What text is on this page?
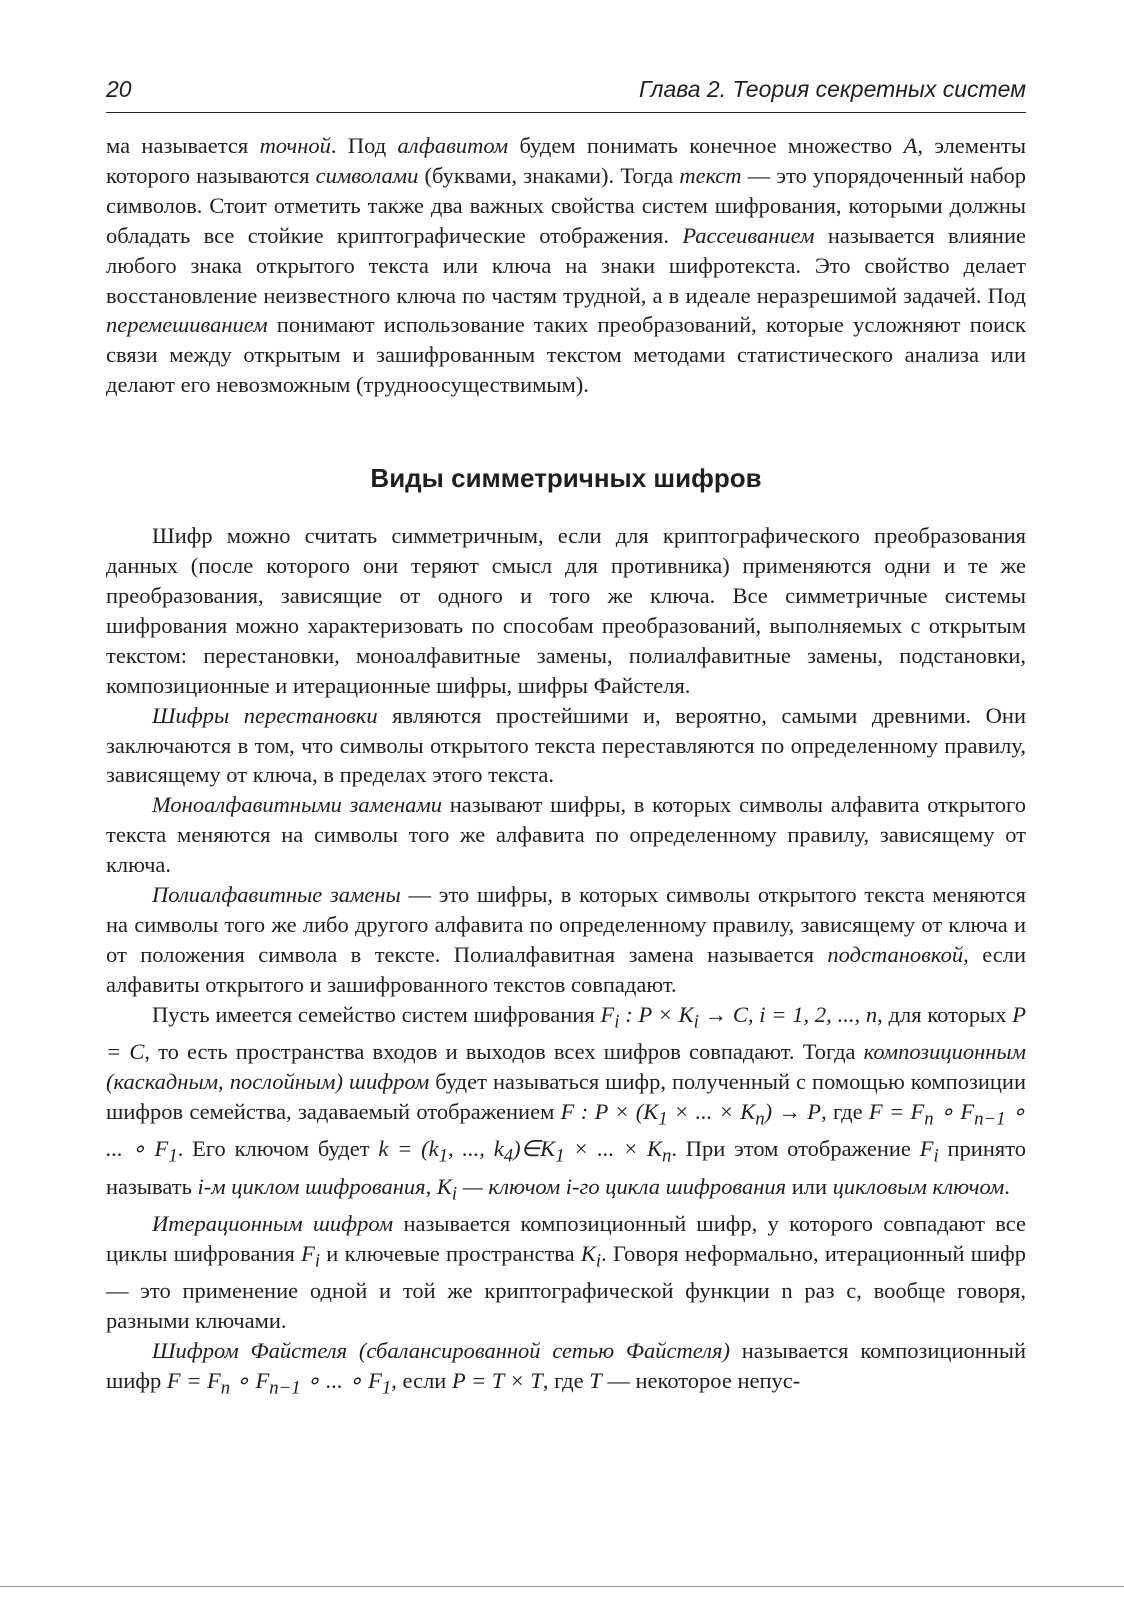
20	Глава 2. Теория секретных систем

ма называется точной. Под алфавитом будем понимать конечное множество A, элементы которого называются символами (буквами, знаками). Тогда текст — это упорядоченный набор символов. Стоит отметить также два важных свойства систем шифрования, которыми должны обладать все стойкие криптографические отображения. Рассеиванием называется влияние любого знака открытого текста или ключа на знаки шифротекста. Это свойство делает восстановление неизвестного ключа по частям трудной, а в идеале неразрешимой задачей. Под перемешиванием понимают использование таких преобразований, которые усложняют поиск связи между открытым и зашифрованным текстом методами статистического анализа или делают его невозможным (трудноосуществимым).

Виды симметричных шифров

Шифр можно считать симметричным, если для криптографического преобразования данных (после которого они теряют смысл для противника) применяются одни и те же преобразования, зависящие от одного и того же ключа. Все симметричные системы шифрования можно характеризовать по способам преобразований, выполняемых с открытым текстом: перестановки, моноалфавитные замены, полиалфавитные замены, подстановки, композиционные и итерационные шифры, шифры Файстеля.

Шифры перестановки являются простейшими и, вероятно, самыми древними. Они заключаются в том, что символы открытого текста переставляются по определенному правилу, зависящему от ключа, в пределах этого текста.

Моноалфавитными заменами называют шифры, в которых символы алфавита открытого текста меняются на символы того же алфавита по определенному правилу, зависящему от ключа.

Полиалфавитные замены — это шифры, в которых символы открытого текста меняются на символы того же либо другого алфавита по определенному правилу, зависящему от ключа и от положения символа в тексте. Полиалфавитная замена называется подстановкой, если алфавиты открытого и зашифрованного текстов совпадают.

Пусть имеется семейство систем шифрования $F_i$ : $P \times K_i \to C$, i = 1, 2, ..., n, для которых P = C, то есть пространства входов и выходов всех шифров совпадают. Тогда композиционным (каскадным, послойным) шифром будет называться шифр, полученный с помощью композиции шифров семейства, задаваемый отображением F : $P \times (K_1$ × ... × $K_n) \to P$, где $F = F_n$ ∘ $F_{n-1}$ ∘ ... ∘ $F_1$. Его ключом будет $k = (k_1$, ..., $k_4)\in K_1$ × ... × $K_n$. При этом отображение $F_i$ принято называть i-м циклом шифрования, $K_i$ — ключом i-го цикла шифрования или цикловым ключом.

Итерационным шифром называется композиционный шифр, у которого совпадают все циклы шифрования $F_i$ и ключевые пространства $K_i$. Говоря неформально, итерационный шифр — это применение одной и той же криптографической функции n раз с, вообще говоря, разными ключами.

Шифром Файстеля (сбалансированной сетью Файстеля) называется композиционный шифр $F = F_n$ ∘ $F_{n-1}$ ∘ ... ∘ $F_1$, если P = T × T, где T — некоторое непус-
